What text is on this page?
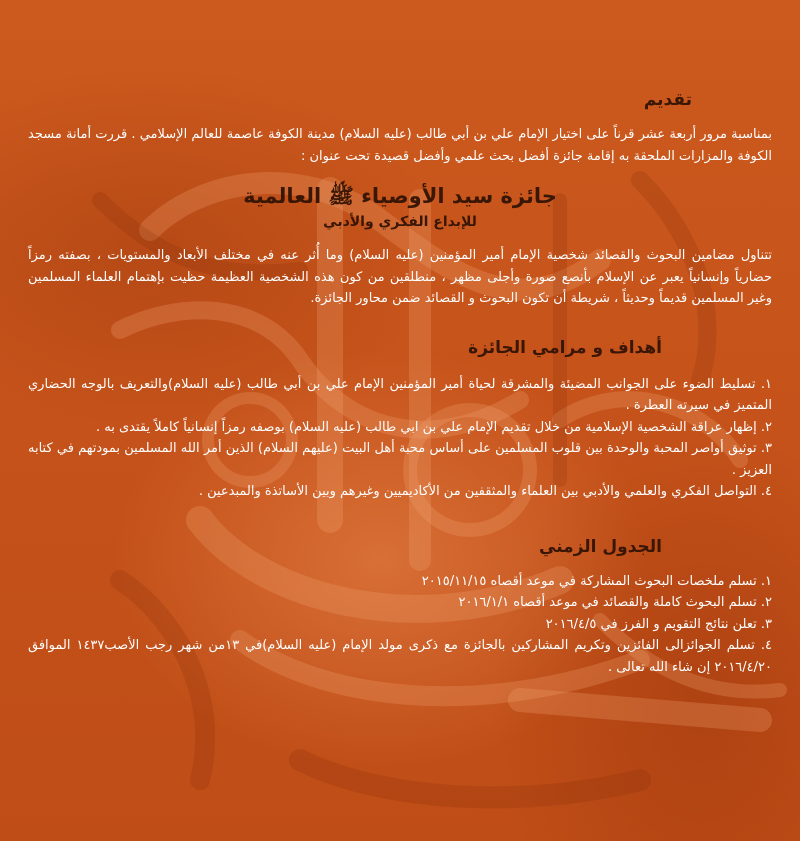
تقديم

بمناسبة مرور أربعة عشر قرناً على اختيار الإمام علي بن أبي طالب (عليه السلام) مدينة الكوفة عاصمة للعالم الإسلامي . قررت أمانة مسجد الكوفة والمزارات الملحقة به إقامة جائزة أفضل بحث علمي وأفضل قصيدة تحت عنوان :

جائزة سيد الأوصياء ﷺ العالمية
للإبداع الفكري والأدبي

تتناول مضامين البحوث والقصائد شخصية الإمام أمير المؤمنين (عليه السلام) وما أُثر عنه في مختلف الأبعاد والمستويات ، بصفته رمزاً حضارياً وإنسانياً يعبر عن الإسلام بأنصع صورة وأجلى مظهر ، منطلقين من كون هذه الشخصية العظيمة حظيت بإهتمام العلماء المسلمين وغير المسلمين قديماً وحديثاً ، شريطة أن تكون البحوث و القصائد ضمن محاور الجائزة.

أهداف و مرامي الجائزة

١. تسليط الضوء على الجوانب المضيئة والمشرقة لحياة أمير المؤمنين الإمام علي بن أبي طالب (عليه السلام)والتعريف بالوجه الحضاري المتميز في سيرته العطرة .

٢. إظهار عراقة الشخصية الإسلامية من خلال تقديم الإمام علي بن ابي طالب (عليه السلام) بوصفه رمزاً إنسانياً كاملاً يقتدى به .

٣. توثيق أواصر المحبة والوحدة بين قلوب المسلمين على أساس محبة أهل البيت (عليهم السلام) الذين أمر الله المسلمين بمودتهم في كتابه العزيز .

٤. التواصل الفكري والعلمي والأدبي بين العلماء والمثقفين من الأكاديميين وغيرهم وبين الأساتذة والمبدعين .

الجدول الزمني

١. تسلم ملخصات البحوث المشاركة في موعد أقصاه ٢٠١٥/١١/١٥

٢. تسلم البحوث كاملة والقصائد في موعد أقصاه ٢٠١٦/١/١

٣. تعلن نتائج التقويم و الفرز في ٢٠١٦/٤/٥

٤. تسلم الجوائزالى الفائزين وتكريم المشاركين بالجائزة مع ذكرى مولد الإمام (عليه السلام)في ١٣من شهر رجب الأصب١٤٣٧ الموافق ٢٠١٦/٤/٢٠ إن شاء الله تعالى .
